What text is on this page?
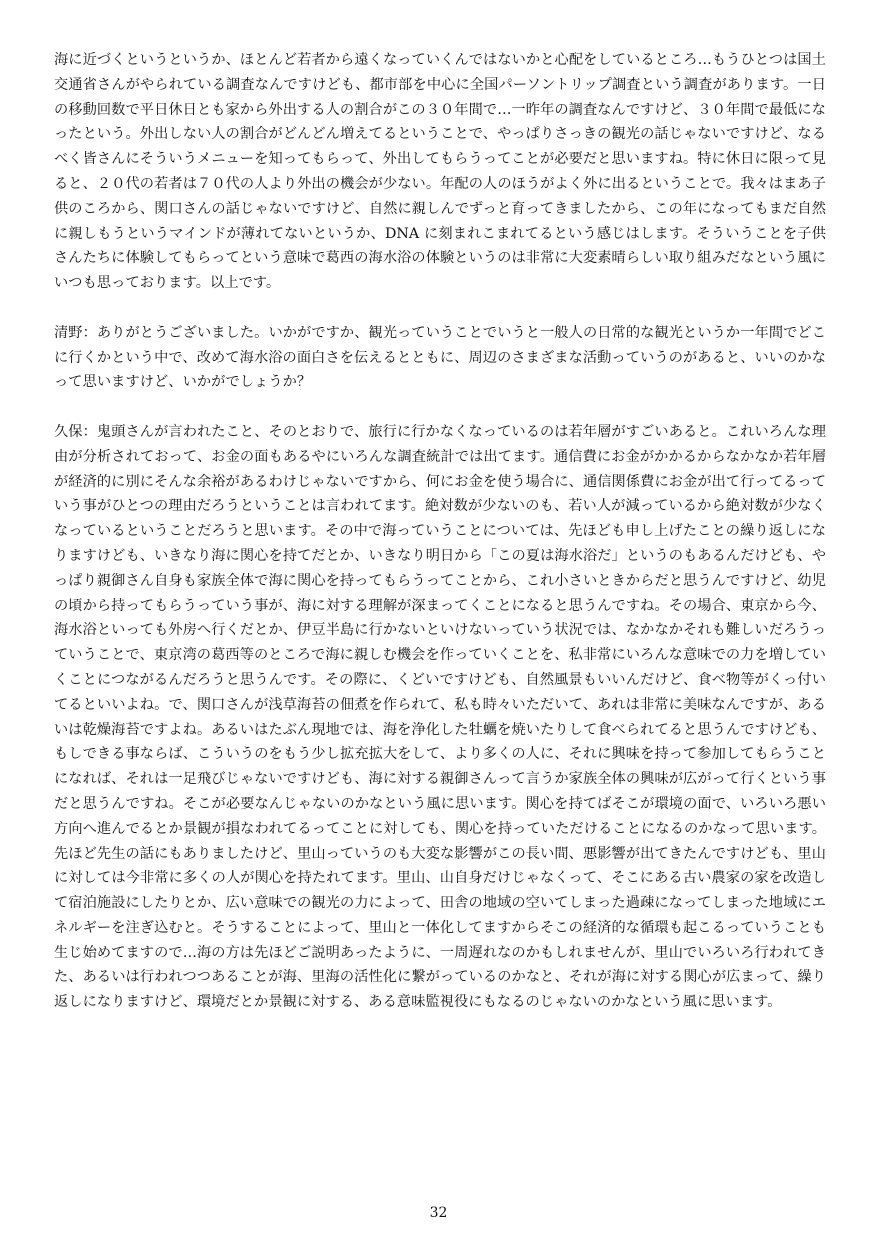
海に近づくというというか、ほとんど若者から遠くなっていくんではないかと心配をしているところ…もうひとつは国土交通省さんがやられている調査なんですけども、都市部を中心に全国パーソントリップ調査という調査があります。一日の移動回数で平日休日とも家から外出する人の割合がこの３０年間で…一昨年の調査なんですけど、３０年間で最低になったという。外出しない人の割合がどんどん増えてるということで、やっぱりさっきの観光の話じゃないですけど、なるべく皆さんにそういうメニューを知ってもらって、外出してもらうってことが必要だと思いますね。特に休日に限って見ると、２０代の若者は７０代の人より外出の機会が少ない。年配の人のほうがよく外に出るということで。我々はまあ子供のころから、関口さんの話じゃないですけど、自然に親しんでずっと育ってきましたから、この年になってもまだ自然に親しもうというマインドが薄れてないというか、DNA に刻まれこまれてるという感じはします。そういうことを子供さんたちに体験してもらってという意味で葛西の海水浴の体験というのは非常に大変素晴らしい取り組みだなという風にいつも思っております。以上です。

清野：ありがとうございました。いかがですか、観光っていうことでいうと一般人の日常的な観光というか一年間でどこに行くかという中で、改めて海水浴の面白さを伝えるとともに、周辺のさまざまな活動っていうのがあると、いいのかなって思いますけど、いかがでしょうか？

久保：鬼頭さんが言われたこと、そのとおりで、旅行に行かなくなっているのは若年層がすごいあると。これいろんな理由が分析されておって、お金の面もあるやにいろんな調査統計では出てます。通信費にお金がかかるからなかなか若年層が経済的に別にそんな余裕があるわけじゃないですから、何にお金を使う場合に、通信関係費にお金が出て行ってるっていう事がひとつの理由だろうということは言われてます。絶対数が少ないのも、若い人が減っているから絶対数が少なくなっているということだろうと思います。その中で海っていうことについては、先ほども申し上げたことの繰り返しになりますけども、いきなり海に関心を持てだとか、いきなり明日から「この夏は海水浴だ」というのもあるんだけども、やっぱり親御さん自身も家族全体で海に関心を持ってもらうってことから、これ小さいときからだと思うんですけど、幼児の頃から持ってもらうっていう事が、海に対する理解が深まってくことになると思うんですね。その場合、東京から今、海水浴といっても外房へ行くだとか、伊豆半島に行かないといけないっていう状況では、なかなかそれも難しいだろうっていうことで、東京湾の葛西等のところで海に親しむ機会を作っていくことを、私非常にいろんな意味での力を増していくことにつながるんだろうと思うんです。その際に、くどいですけども、自然風景もいいんだけど、食べ物等がくっ付いてるといいよね。で、関口さんが浅草海苔の佃煮を作られて、私も時々いただいて、あれは非常に美味なんですが、あるいは乾燥海苔ですよね。あるいはたぶん現地では、海を浄化した牡蠣を焼いたりして食べられてると思うんですけども、もしできる事ならば、こういうのをもう少し拡充拡大をして、より多くの人に、それに興味を持って参加してもらうことになれば、それは一足飛びじゃないですけども、海に対する親御さんって言うか家族全体の興味が広がって行くという事だと思うんですね。そこが必要なんじゃないのかなという風に思います。関心を持てばそこが環境の面で、いろいろ悪い方向へ進んでるとか景観が損なわれてるってことに対しても、関心を持っていただけることになるのかなって思います。先ほど先生の話にもありましたけど、里山っていうのも大変な影響がこの長い間、悪影響が出てきたんですけども、里山に対しては今非常に多くの人が関心を持たれてます。里山、山自身だけじゃなくって、そこにある古い農家の家を改造して宿泊施設にしたりとか、広い意味での観光の力によって、田舎の地域の空いてしまった過疎になってしまった地域にエネルギーを注ぎ込むと。そうすることによって、里山と一体化してますからそこの経済的な循環も起こるっていうことも生じ始めてますので…海の方は先ほどご説明あったように、一周遅れなのかもしれませんが、里山でいろいろ行われてきた、あるいは行われつつあることが海、里海の活性化に繋がっているのかなと、それが海に対する関心が広まって、繰り返しになりますけど、環境だとか景観に対する、ある意味監視役にもなるのじゃないのかなという風に思います。

32
